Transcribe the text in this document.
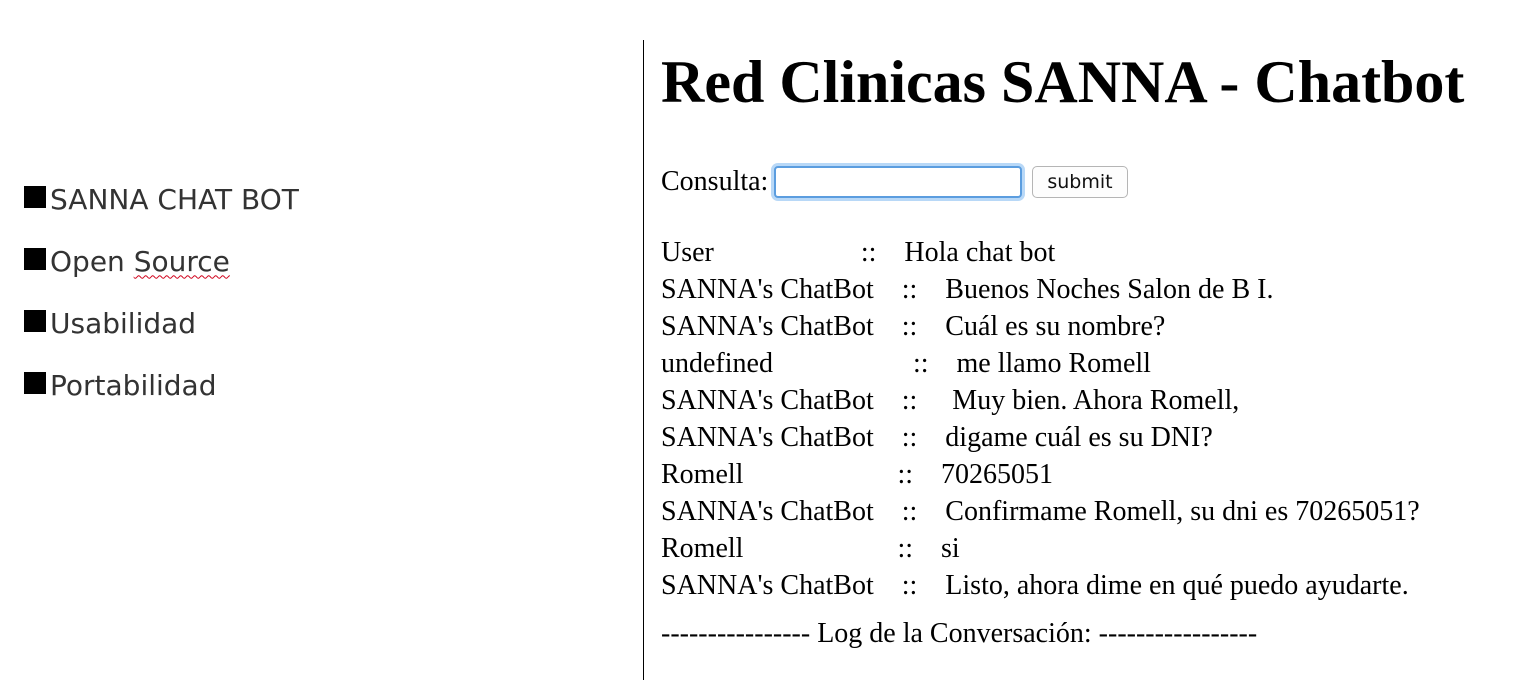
SANNA CHAT BOT
Open Source
Usabilidad
Portabilidad
Red Clinicas SANNA - Chatbot
Consulta:	submit
User                     ::    Hola chat bot
SANNA's ChatBot    ::    Buenos Noches Salon de B I.
SANNA's ChatBot    ::    Cuál es su nombre?
undefined                    ::    me llamo Romell
SANNA's ChatBot    ::     Muy bien. Ahora Romell,
SANNA's ChatBot    ::    digame cuál es su DNI?
Romell                      ::    70265051
SANNA's ChatBot    ::    Confirmame Romell, su dni es 70265051?
Romell                      ::    si
SANNA's ChatBot    ::    Listo, ahora dime en qué puedo ayudarte.
---------------- Log de la Conversación: -----------------
